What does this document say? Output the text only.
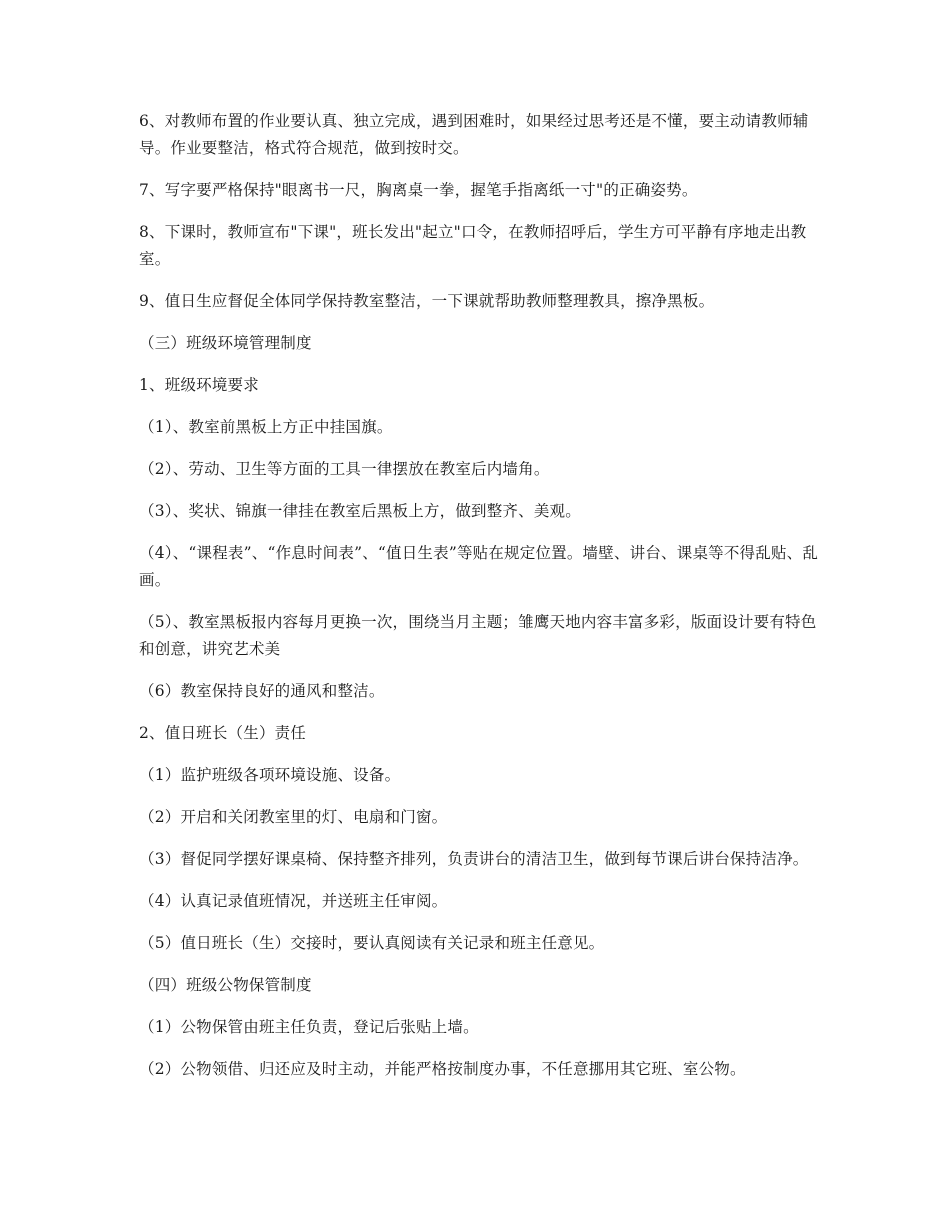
6、对教师布置的作业要认真、独立完成，遇到困难时，如果经过思考还是不懂，要主动请教师辅导。作业要整洁，格式符合规范，做到按时交。

7、写字要严格保持"眼离书一尺，胸离桌一拳，握笔手指离纸一寸"的正确姿势。

8、下课时，教师宣布"下课"，班长发出"起立"口令，在教师招呼后，学生方可平静有序地走出教室。

9、值日生应督促全体同学保持教室整洁，一下课就帮助教师整理教具，擦净黑板。

（三）班级环境管理制度

1、班级环境要求

（1）、教室前黑板上方正中挂国旗。

（2）、劳动、卫生等方面的工具一律摆放在教室后内墙角。

（3）、奖状、锦旗一律挂在教室后黑板上方，做到整齐、美观。

（4）、“课程表”、“作息时间表”、“值日生表”等贴在规定位置。墙壁、讲台、课桌等不得乱贴、乱画。

（5）、教室黑板报内容每月更换一次，围绕当月主题；雏鹰天地内容丰富多彩，版面设计要有特色和创意，讲究艺术美

（6）教室保持良好的通风和整洁。

2、值日班长（生）责任

（1）监护班级各项环境设施、设备。

（2）开启和关闭教室里的灯、电扇和门窗。

（3）督促同学摆好课桌椅、保持整齐排列，负责讲台的清洁卫生，做到每节课后讲台保持洁净。

（4）认真记录值班情况，并送班主任审阅。

（5）值日班长（生）交接时，要认真阅读有关记录和班主任意见。

（四）班级公物保管制度

（1）公物保管由班主任负责，登记后张贴上墙。

（2）公物领借、归还应及时主动，并能严格按制度办事，不任意挪用其它班、室公物。
